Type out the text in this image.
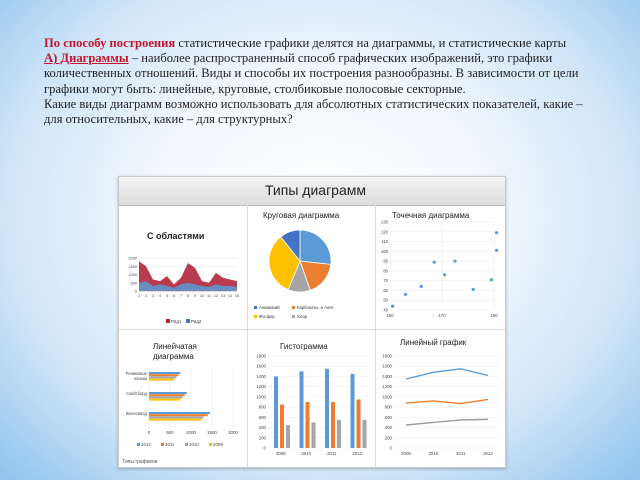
По способу построения статистические графики делятся на диаграммы, и статистические карты

А) Диаграммы – наиболее распространенный способ графических изображений, это графики количественных отношений. Виды и способы их построения разнообразны. В зависимости от цели графики могут быть: линейные, круговые, столбиковые полосовые секторные.

Какие виды диаграмм возможно использовать для абсолютных статистических показателей, какие – для относительных, какие – для структурных?

Типы диаграмм
С областями
2000
1500
1000
500
0
1 2 3 4 5 6 7 8 9 10 11 12 13 14 15
Ряд1 Ряд2
Круговая диаграмма
Алюминий	Карбонаты, и Алит
Фосфор	Хлор
Точечная диаграмма
130
120
110
100
90
80
70
60
50
40
150	170	190
Линейчатая
диаграмма
0	500	1000	1500	2000
Роликовые
коньки
Скейтборд
Велосипед
2012	2011	2010	2009
Гистограмма
1800
1600
1400
1200
1000
800
600
400
200
0
2009	2010	2011	2012
Линейный график
1800
1600
1400
1200
1000
800
600
400
200
0
2009	2010	2011	2012
Типы графиков
